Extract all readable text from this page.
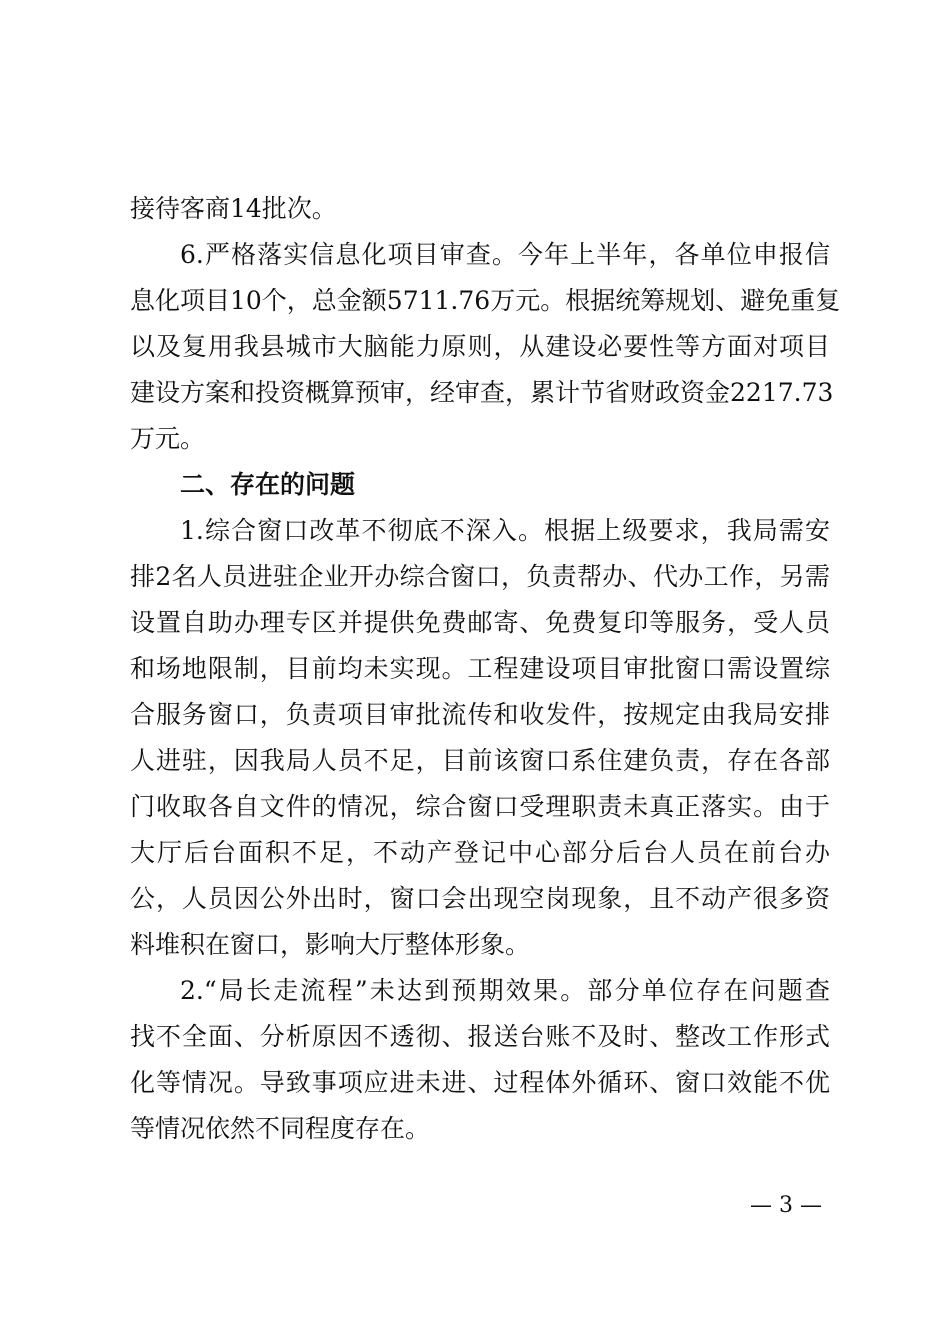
接待客商14批次。
6.严格落实信息化项目审查。今年上半年，各单位申报信
息化项目10个，总金额5711.76万元。根据统筹规划、避免重复
以及复用我县城市大脑能力原则，从建设必要性等方面对项目
建设方案和投资概算预审，经审查，累计节省财政资金2217.73
万元。
二、存在的问题
1.综合窗口改革不彻底不深入。根据上级要求，我局需安
排2名人员进驻企业开办综合窗口，负责帮办、代办工作，另需
设置自助办理专区并提供免费邮寄、免费复印等服务，受人员
和场地限制，目前均未实现。工程建设项目审批窗口需设置综
合服务窗口，负责项目审批流传和收发件，按规定由我局安排
人进驻，因我局人员不足，目前该窗口系住建负责，存在各部
门收取各自文件的情况，综合窗口受理职责未真正落实。由于
大厅后台面积不足，不动产登记中心部分后台人员在前台办
公，人员因公外出时，窗口会出现空岗现象，且不动产很多资
料堆积在窗口，影响大厅整体形象。
2.“局长走流程”未达到预期效果。部分单位存在问题查
找不全面、分析原因不透彻、报送台账不及时、整改工作形式
化等情况。导致事项应进未进、过程体外循环、窗口效能不优
等情况依然不同程度存在。
— 3 —
